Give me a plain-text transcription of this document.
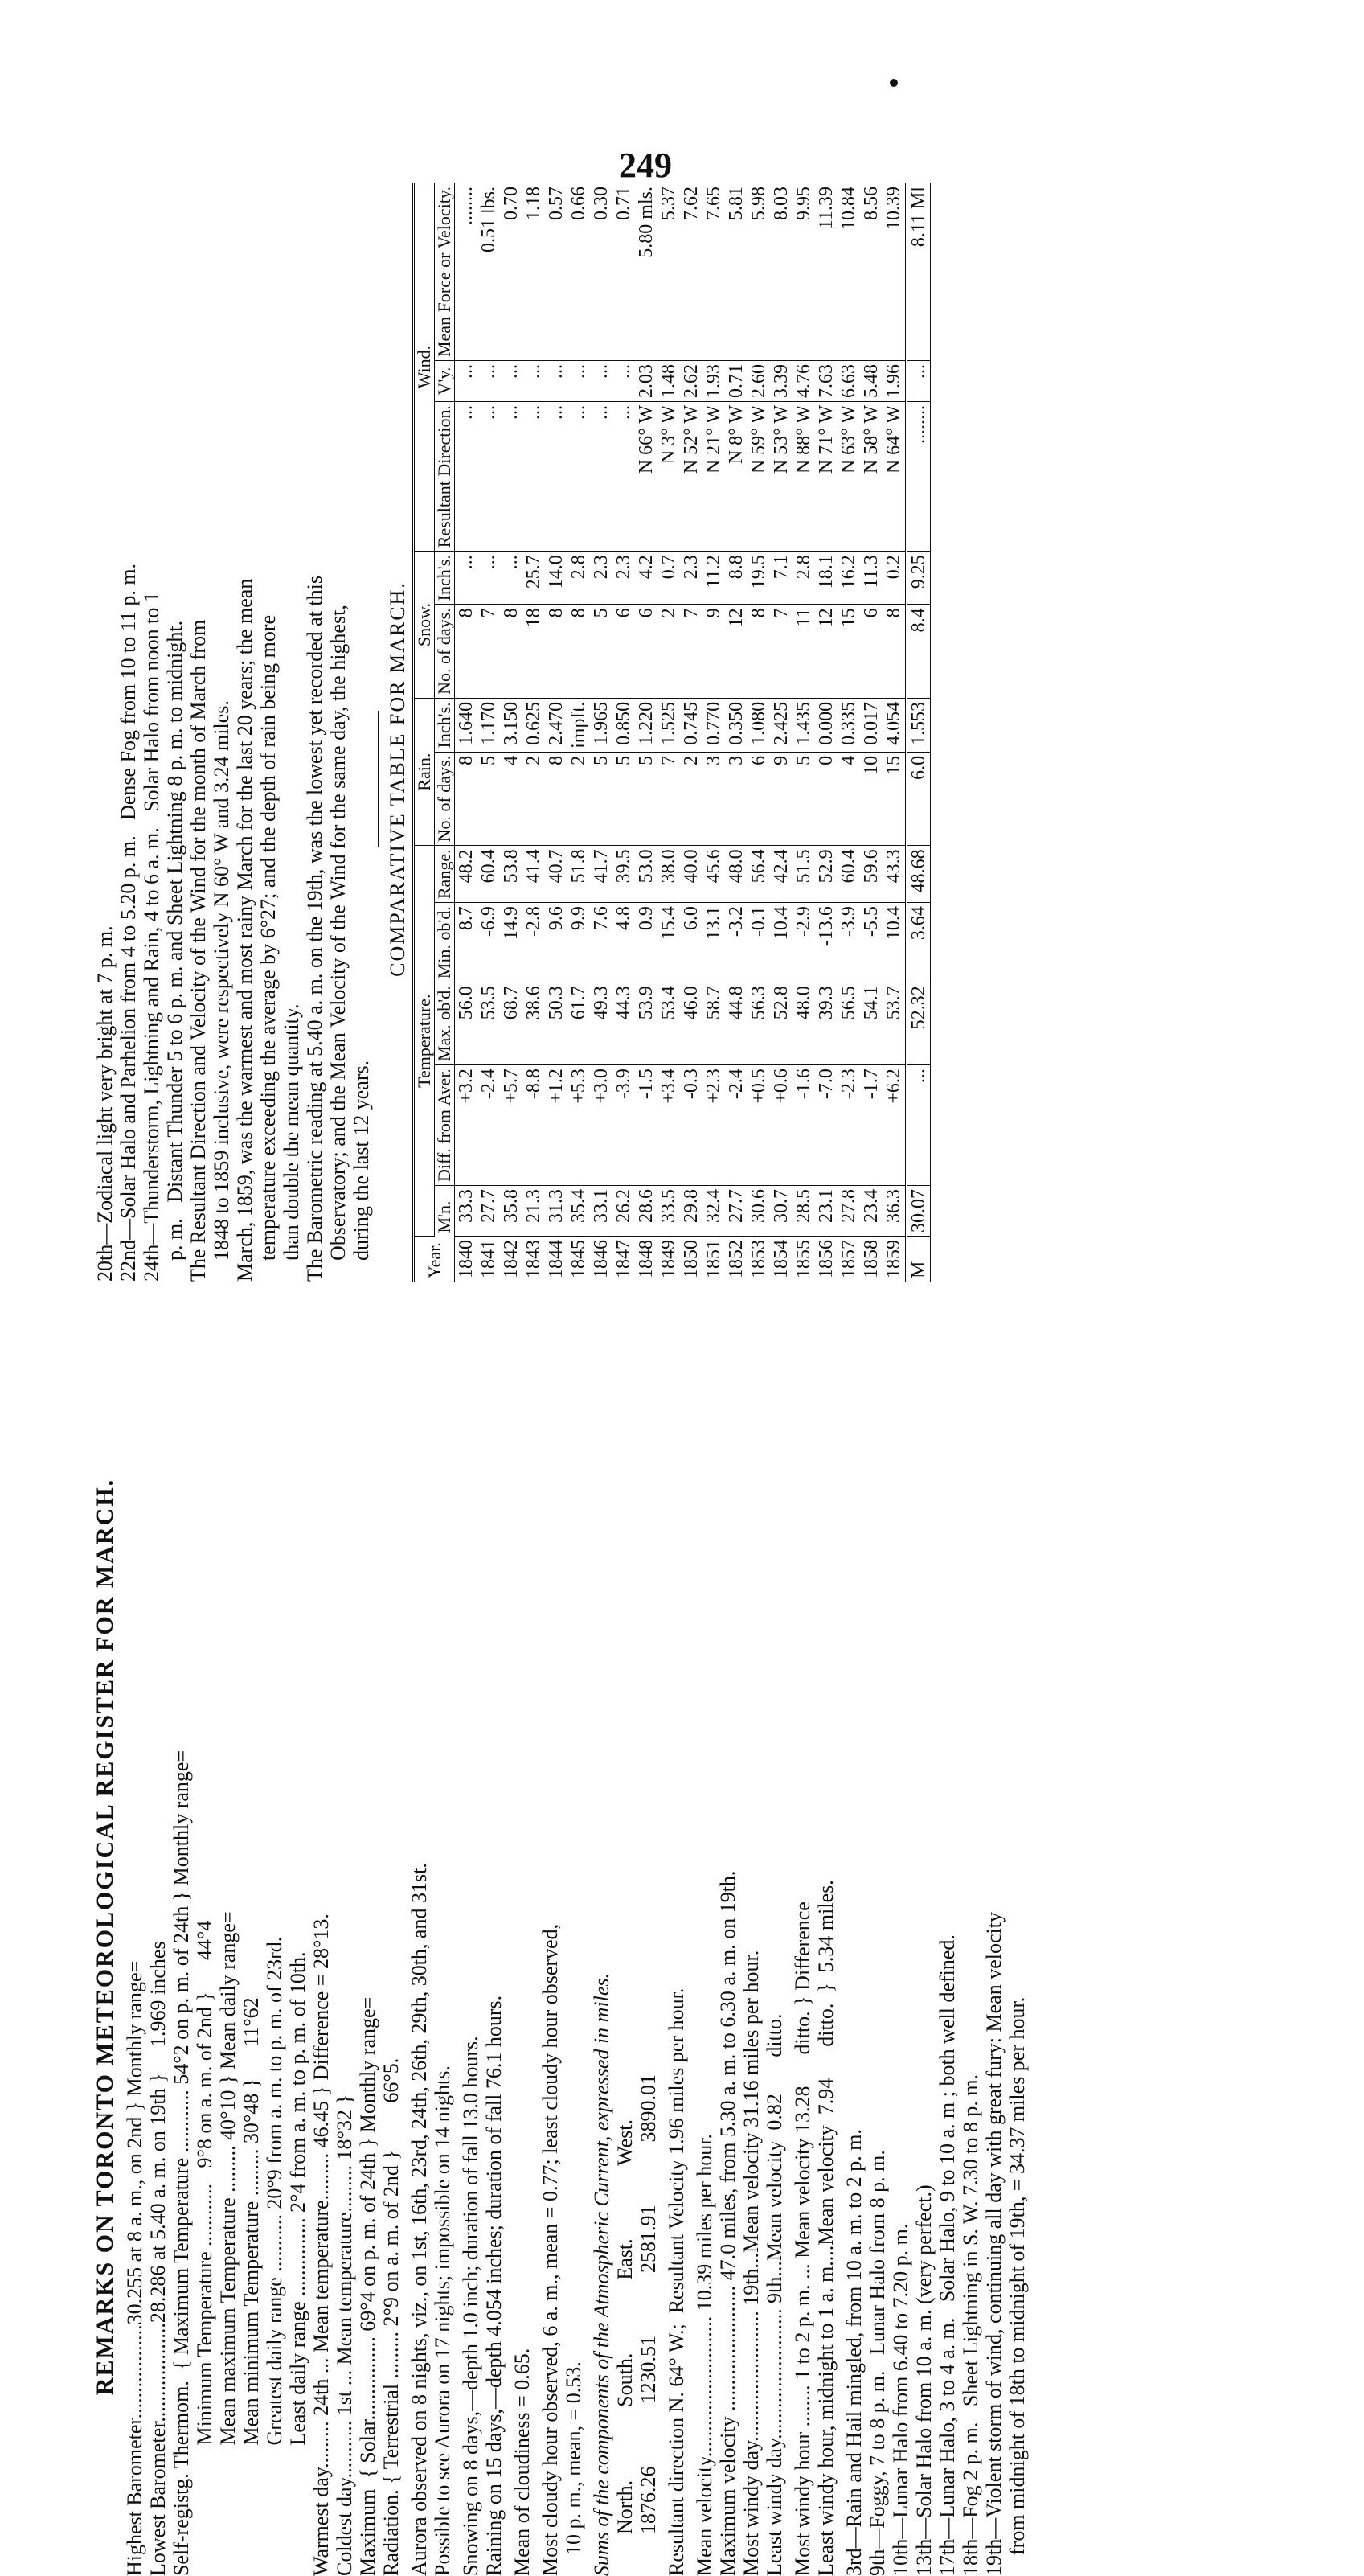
249
REMARKS ON TORONTO METEOROLOGICAL REGISTER FOR MARCH. Highest Barometer..................30.255 at 8 a. m., on 2nd } Monthly range= Lowest Barometer...................28.286 at 5.40 a. m. on 19th }     1.969 inches Self-registg. Thermom.  { Maximum Temperature ............ 54°2 on p. m. of 24th } Monthly range= Minimum Temperature ............   9°8 on a. m. of 2nd }      44°4 Mean maximum Temperature ......... 40°10 } Mean daily range= Mean minimum Temperature ......... 30°48 }      11°62 Greatest daily range ........... 20°9 from a. m. to p. m. of 23rd. Least daily range ............... 2°4 from a. m. to p. m. of 10th. Warmest day......... 24th ... Mean temperature......... 46.45 } Difference = 28°13. Coldest day........... 1st ... Mean temperature......... 18°32 } Maximum  { Solar................ 69°4 on p. m. of 24th } Monthly range= Radiation. { Terrestrial ......... 2°9 on a. m. of 2nd }         66°5. Aurora observed on 8 nights, viz., on 1st, 16th, 23rd, 24th, 26th, 29th, 30th, and 31st. Possible to see Aurora on 17 nights; impossible on 14 nights. Snowing on 8 days,—depth 1.0 inch; duration of fall 13.0 hours. Raining on 15 days,—depth 4.054 inches; duration of fall 76.1 hours. Mean of cloudiness = 0.65. Most cloudy hour observed, 6 a. m., mean = 0.77; least cloudy hour observed, 10 p. m., mean, = 0.53. Sums of the components of the Atmospheric Current, expressed in miles. North.              South.              East.              West. 1876.26            1230.51            2581.91            3890.01 Resultant direction N. 64° W.;  Resultant Velocity 1.96 miles per hour. Mean velocity........................... 10.39 miles per hour. Maximum velocity ........................ 47.0 miles, from 5.30 a. m. to 6.30 a. m. on 19th. Most windy day......................... 19th...Mean velocity 31.16 miles per hour. Least windy day......................... 9th...Mean velocity  0.82       ditto. Most windy hour ........ 1 to 2 p. m. ... Mean velocity 13.28      ditto. } Difference Least windy hour, midnight to 1 a. m....Mean velocity  7.94      ditto.  }  5.34 miles. 3rd—Rain and Hail mingled, from 10 a. m. to 2 p. m. 9th—Foggy, 7 to 8 p. m.   Lunar Halo from 8 p. m. 10th—Lunar Halo from 6.40 to 7.20 p. m. 13th—Solar Halo from 10 a. m. (very perfect.) 17th—Lunar Halo, 3 to 4 a. m.   Solar Halo, 9 to 10 a. m ; both well defined. 18th—Fog 2 p. m.   Sheet Lightning in S. W. 7.30 to 8 p. m. 19th—Violent storm of wind, continuing all day with great fury: Mean velocity from midnight of 18th to midnight of 19th, = 34.37 miles per hour.
20th—Zodiacal light very bright at 7 p. m. 22nd—Solar Halo and Parhelion from 4 to 5.20 p. m.   Dense Fog from 10 to 11 p. m. 24th—Thunderstorm, Lightning and Rain, 4 to 6 a. m.   Solar Halo from noon to 1 p. m.   Distant Thunder 5 to 6 p. m. and Sheet Lightning 8 p. m. to midnight. The Resultant Direction and Velocity of the Wind for the month of March from 1848 to 1859 inclusive, were respectively N 60° W and 3.24 miles. March, 1859, was the warmest and most rainy March for the last 20 years; the mean temperature exceeding the average by 6°27; and the depth of rain being more than double the mean quantity. The Barometric reading at 5.40 a. m. on the 19th, was the lowest yet recorded at this Observatory; and the Mean Velocity of the Wind for the same day, the highest, during the last 12 years.
COMPARATIVE TABLE FOR MARCH.
Year.	Temperature.					Rain.		Snow.		Wind.		
	M'n.	Diff. from Aver.	Max. ob'd.	Min. ob'd.	Range.	No. of days.	Inch's.	No. of days.	Inch's.	Resultant Direction.	V'y.	Mean Force or Velocity.
1840	33.3	+3.2	56.0	8.7	48.2	8	1.640	8	...	...	...	........
1841	27.7	-2.4	53.5	-6.9	60.4	5	1.170	7	...	...	...	0.51 lbs.
1842	35.8	+5.7	68.7	14.9	53.8	4	3.150	8	...	...	...	0.70
1843	21.3	-8.8	38.6	-2.8	41.4	2	0.625	18	25.7	...	...	1.18
1844	31.3	+1.2	50.3	9.6	40.7	8	2.470	8	14.0	...	...	0.57
1845	35.4	+5.3	61.7	9.9	51.8	2	impft.	8	2.8	...	...	0.66
1846	33.1	+3.0	49.3	7.6	41.7	5	1.965	5	2.3	...	...	0.30
1847	26.2	-3.9	44.3	4.8	39.5	5	0.850	6	2.3	...	...	0.71
1848	28.6	-1.5	53.9	0.9	53.0	5	1.220	6	4.2	N 66° W	2.03	5.80 mls.
1849	33.5	+3.4	53.4	15.4	38.0	7	1.525	2	0.7	N 3° W	1.48	5.37
1850	29.8	-0.3	46.0	6.0	40.0	2	0.745	7	2.3	N 52° W	2.62	7.62
1851	32.4	+2.3	58.7	13.1	45.6	3	0.770	9	11.2	N 21° W	1.93	7.65
1852	27.7	-2.4	44.8	-3.2	48.0	3	0.350	12	8.8	N 8° W	0.71	5.81
1853	30.6	+0.5	56.3	-0.1	56.4	6	1.080	8	19.5	N 59° W	2.60	5.98
1854	30.7	+0.6	52.8	10.4	42.4	9	2.425	7	7.1	N 53° W	3.39	8.03
1855	28.5	-1.6	48.0	-2.9	51.5	5	1.435	11	2.8	N 88° W	4.76	9.95
1856	23.1	-7.0	39.3	-13.6	52.9	0	0.000	12	18.1	N 71° W	7.63	11.39
1857	27.8	-2.3	56.5	-3.9	60.4	4	0.335	15	16.2	N 63° W	6.63	10.84
1858	23.4	-1.7	54.1	-5.5	59.6	10	0.017	6	11.3	N 58° W	5.48	8.56
1859	36.3	+6.2	53.7	10.4	43.3	15	4.054	8	0.2	N 64° W	1.96	10.39
M	30.07	...	52.32	3.64	48.68	6.0	1.553	8.4	9.25	........	...	8.11 Ml
